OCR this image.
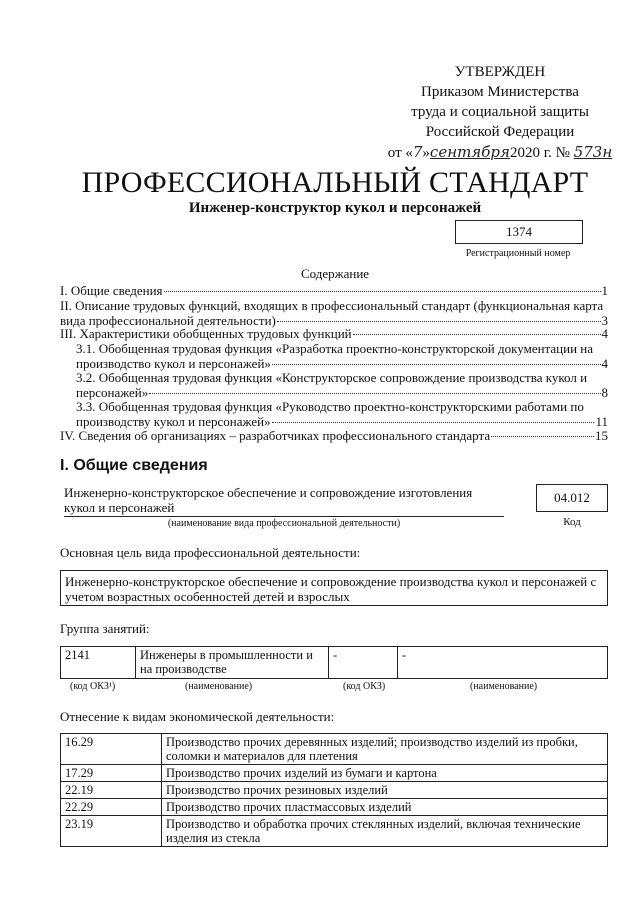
УТВЕРЖДЕН
Приказом Министерства
труда и социальной защиты
Российской Федерации
от «7»сентября2020 г. № 573н
ПРОФЕССИОНАЛЬНЫЙ СТАНДАРТ
Инженер-конструктор кукол и персонажей
1374
Регистрационный номер
Содержание
I. Общие сведения	1
II. Описание трудовых функций, входящих в профессиональный стандарт (функциональная карта
вида профессиональной деятельности)	3
III. Характеристики обобщенных трудовых функций	4
3.1. Обобщенная трудовая функция «Разработка проектно-конструкторской документации на
производство кукол и персонажей»	4
3.2. Обобщенная трудовая функция «Конструкторское сопровождение производства кукол и
персонажей»	8
3.3. Обобщенная трудовая функция «Руководство проектно-конструкторскими работами по
производству кукол и персонажей»	11
IV. Сведения об организациях – разработчиках профессионального стандарта	15
I. Общие сведения
Инженерно-конструкторское обеспечение и сопровождение изготовления
кукол и персонажей
(наименование вида профессиональной деятельности)
04.012
Код
Основная цель вида профессиональной деятельности:
Инженерно-конструкторское обеспечение и сопровождение производства кукол и персонажей с учетом возрастных особенностей детей и взрослых
Группа занятий:
2141	Инженеры в промышленности и на производстве	-	-
(код ОКЗ¹)	(наименование)	(код ОКЗ)	(наименование)
Отнесение к видам экономической деятельности:
16.29	Производство прочих деревянных изделий; производство изделий из пробки, соломки и материалов для плетения
17.29	Производство прочих изделий из бумаги и картона
22.19	Производство прочих резиновых изделий
22.29	Производство прочих пластмассовых изделий
23.19	Производство и обработка прочих стеклянных изделий, включая технические изделия из стекла
